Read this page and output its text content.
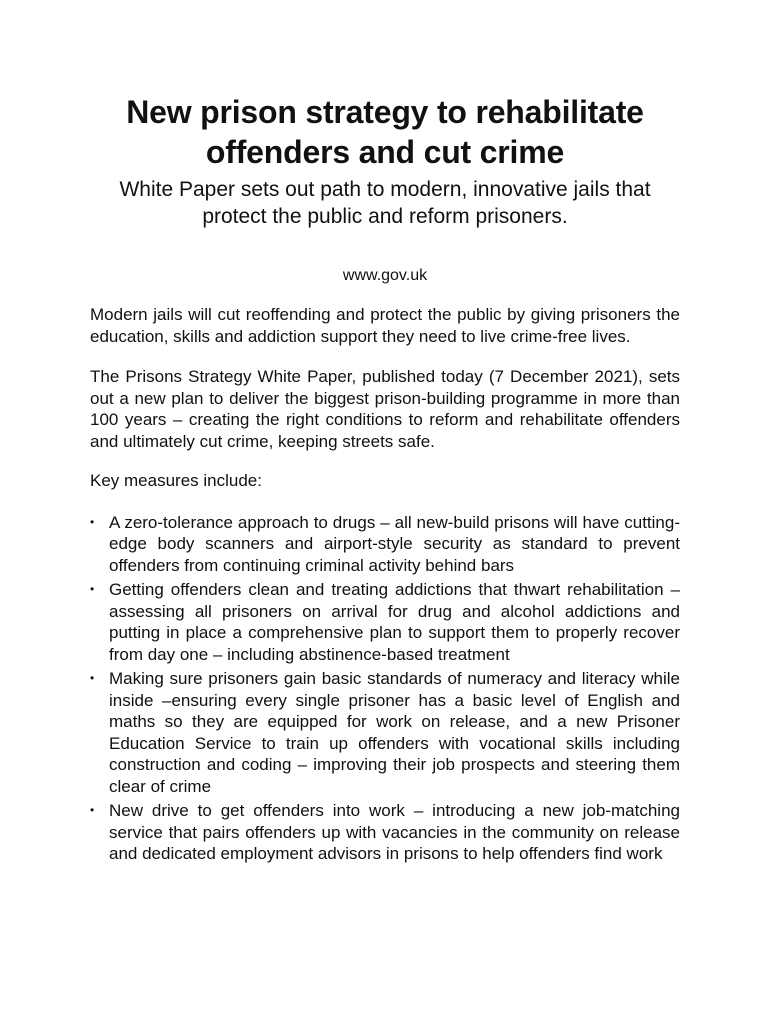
New prison strategy to rehabilitate offenders and cut crime

White Paper sets out path to modern, innovative jails that protect the public and reform prisoners.

www.gov.uk

Modern jails will cut reoffending and protect the public by giving prisoners the education, skills and addiction support they need to live crime-free lives.

The Prisons Strategy White Paper, published today (7 December 2021), sets out a new plan to deliver the biggest prison-building programme in more than 100 years – creating the right conditions to reform and rehabilitate offenders and ultimately cut crime, keeping streets safe.

Key measures include:

• A zero-tolerance approach to drugs – all new-build prisons will have cutting-edge body scanners and airport-style security as standard to prevent offenders from continuing criminal activity behind bars
• Getting offenders clean and treating addictions that thwart rehabilitation – assessing all prisoners on arrival for drug and alcohol addictions and putting in place a comprehensive plan to support them to properly recover from day one – including abstinence-based treatment
• Making sure prisoners gain basic standards of numeracy and literacy while inside –ensuring every single prisoner has a basic level of English and maths so they are equipped for work on release, and a new Prisoner Education Service to train up offenders with vocational skills including construction and coding – improving their job prospects and steering them clear of crime
• New drive to get offenders into work – introducing a new job-matching service that pairs offenders up with vacancies in the community on release and dedicated employment advisors in prisons to help offenders find work
